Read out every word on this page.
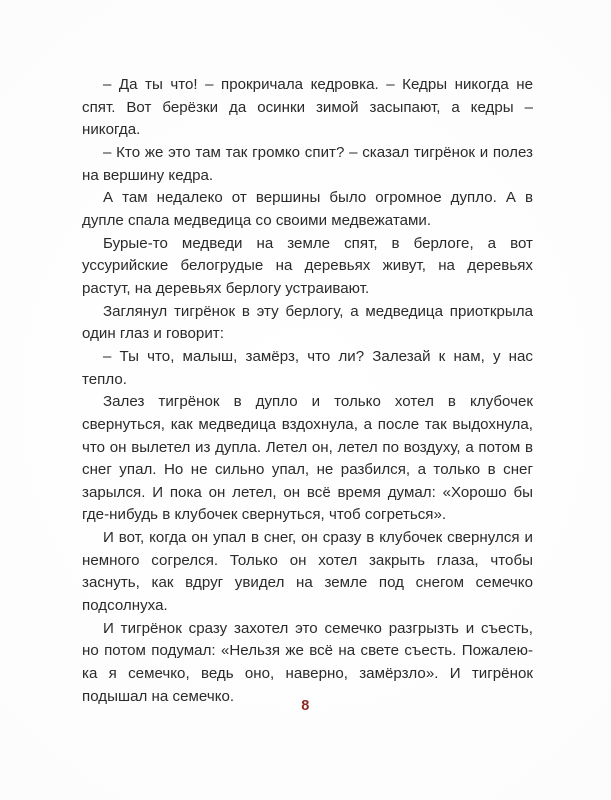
– Да ты что! – прокричала кедровка. – Кедры никогда не спят. Вот берёзки да осинки зимой засыпают, а кедры – никогда.

– Кто же это там так громко спит? – сказал тигрёнок и полез на вершину кедра.

А там недалеко от вершины было огромное дупло. А в дупле спала медведица со своими медвежатами.

Бурые-то медведи на земле спят, в берлоге, а вот уссурийские белогрудые на деревьях живут, на деревьях растут, на деревьях берлогу устраивают.

Заглянул тигрёнок в эту берлогу, а медведица приоткрыла один глаз и говорит:

– Ты что, малыш, замёрз, что ли? Залезай к нам, у нас тепло.

Залез тигрёнок в дупло и только хотел в клубочек свернуться, как медведица вздохнула, а после так выдохнула, что он вылетел из дупла. Летел он, летел по воздуху, а потом в снег упал. Но не сильно упал, не разбился, а только в снег зарылся. И пока он летел, он всё время думал: «Хорошо бы где-нибудь в клубочек свернуться, чтоб согреться».

И вот, когда он упал в снег, он сразу в клубочек свернулся и немного согрелся. Только он хотел закрыть глаза, чтобы заснуть, как вдруг увидел на земле под снегом семечко подсолнуха.

И тигрёнок сразу захотел это семечко разгрызть и съесть, но потом подумал: «Нельзя же всё на свете съесть. Пожалею-ка я семечко, ведь оно, наверно, замёрзло». И тигрёнок подышал на семечко.

8
